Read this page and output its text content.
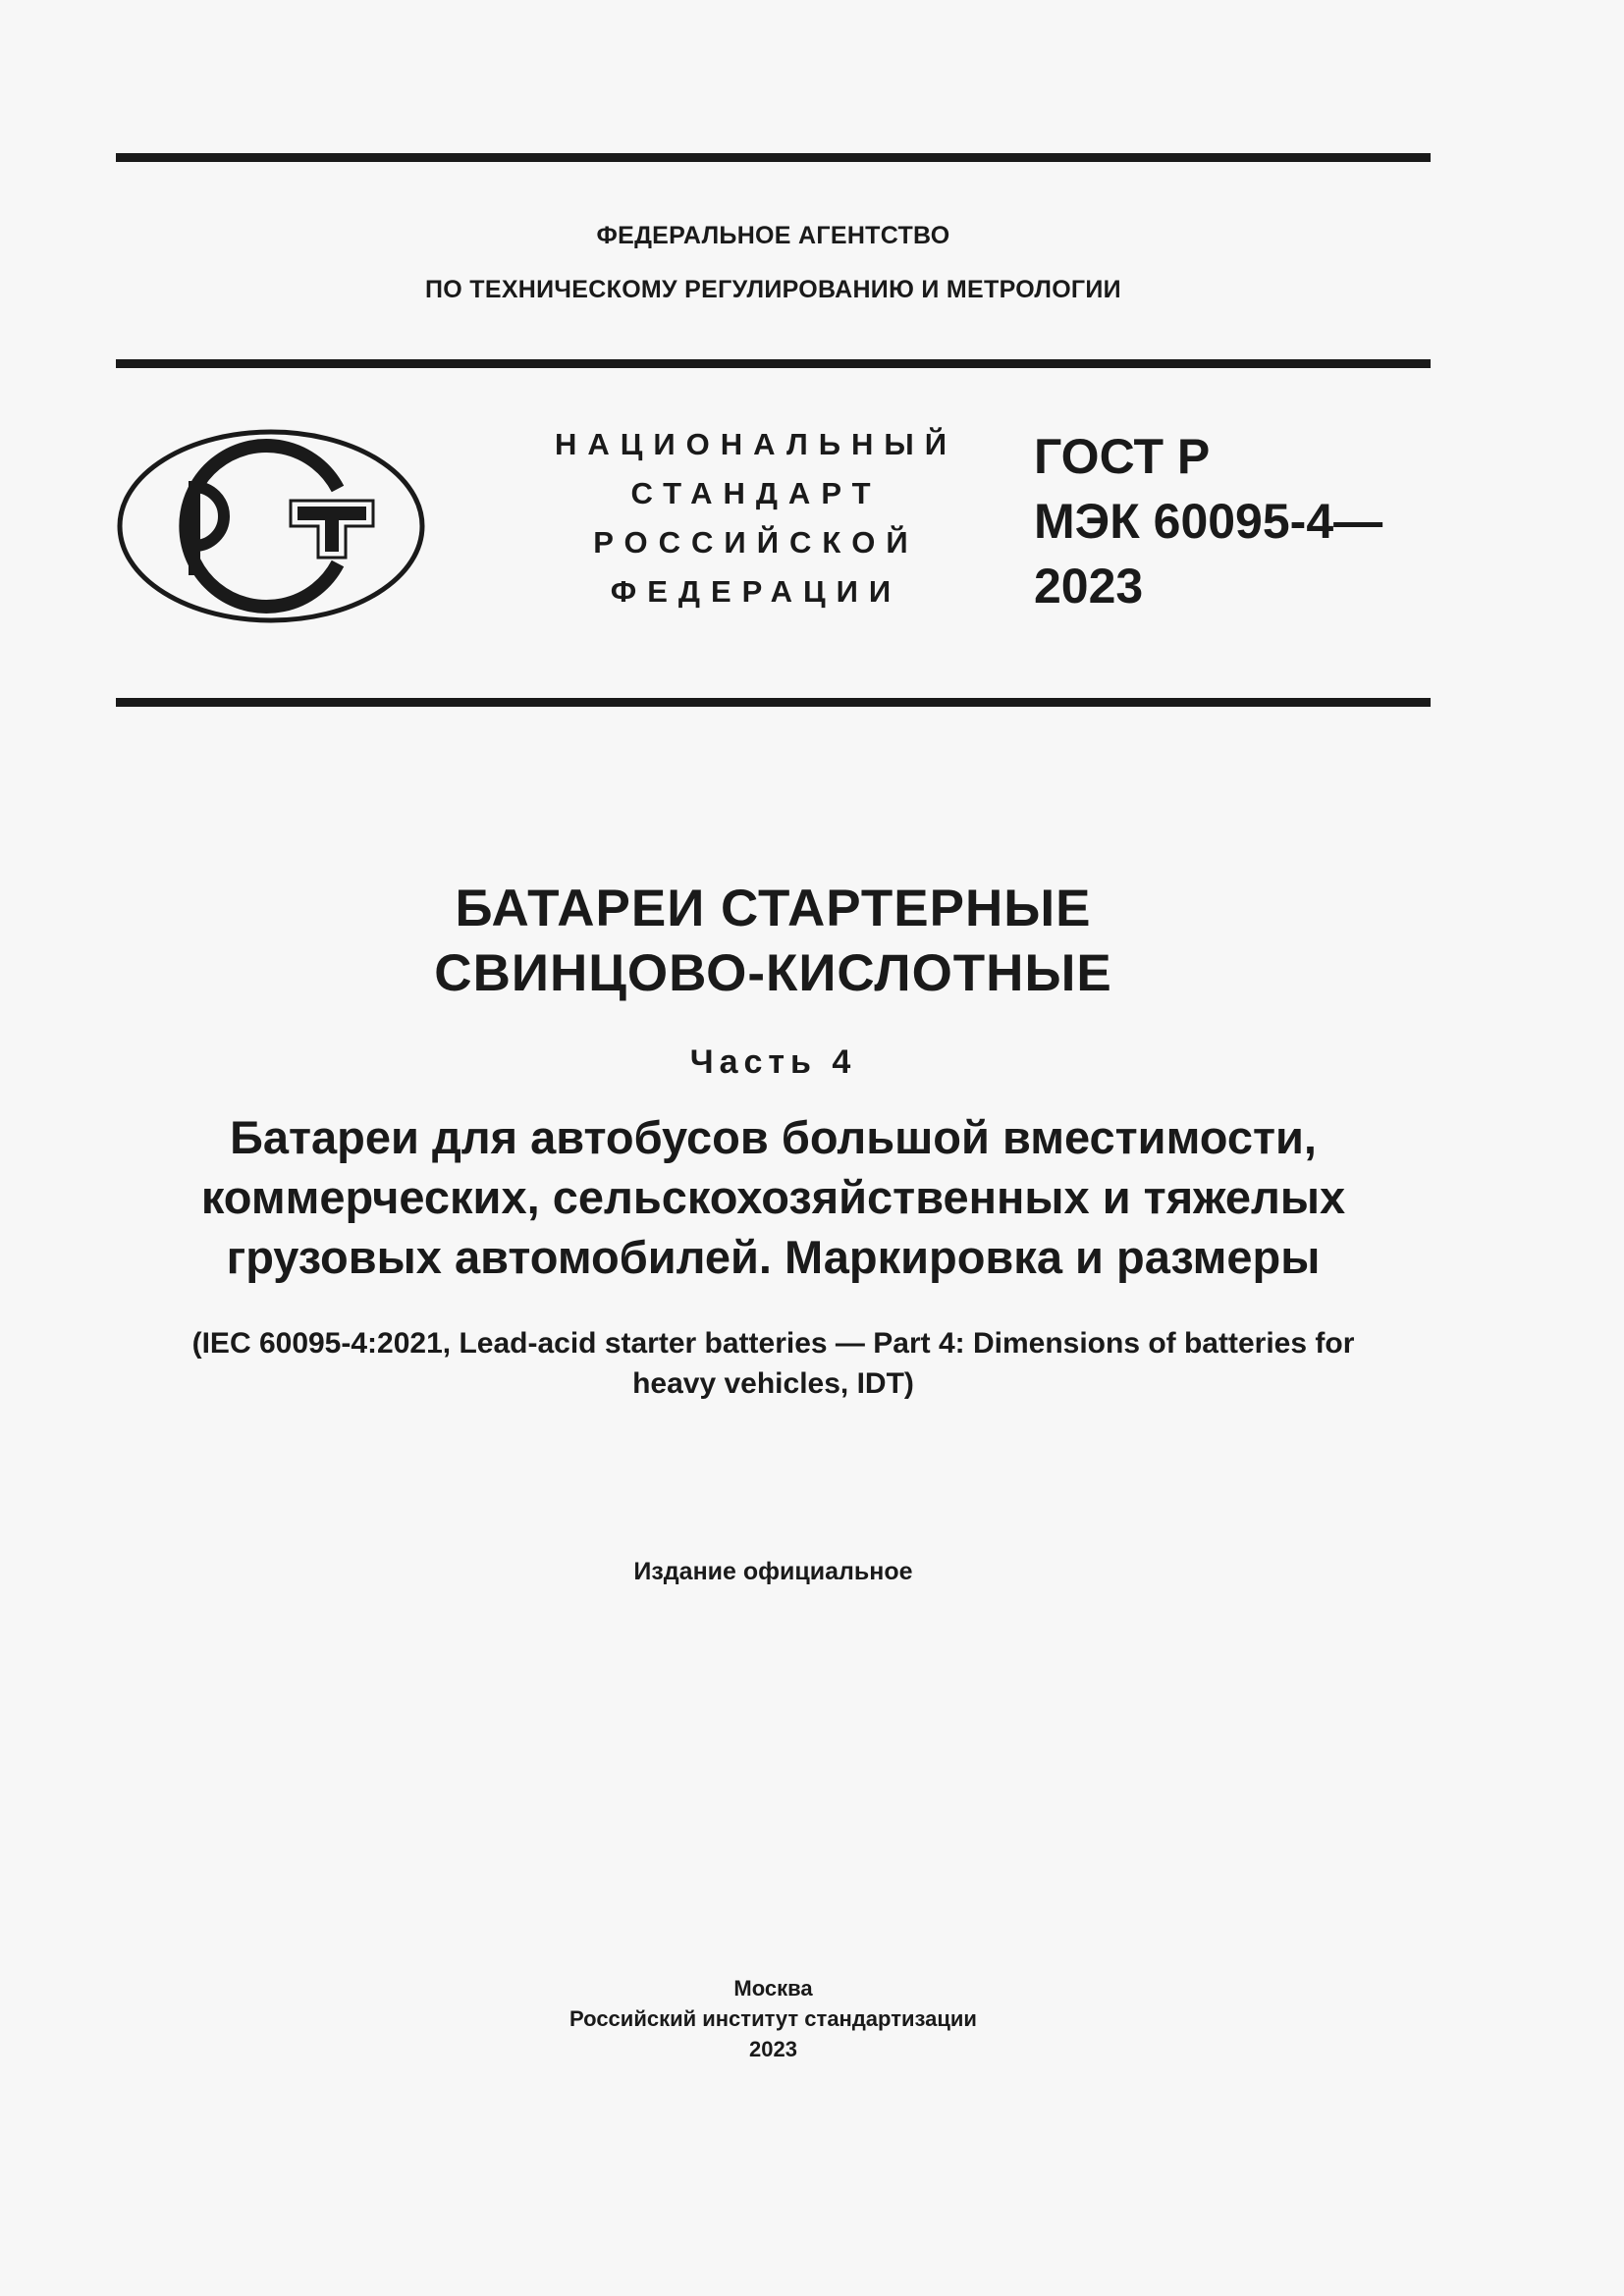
ФЕДЕРАЛЬНОЕ АГЕНТСТВО
ПО ТЕХНИЧЕСКОМУ РЕГУЛИРОВАНИЮ И МЕТРОЛОГИИ
НАЦИОНАЛЬНЫЙ
СТАНДАРТ
РОССИЙСКОЙ
ФЕДЕРАЦИИ
ГОСТ Р
МЭК 60095-4—
2023
БАТАРЕИ СТАРТЕРНЫЕ
СВИНЦОВО-КИСЛОТНЫЕ
Часть 4
Батареи для автобусов большой вместимости,
коммерческих, сельскохозяйственных и тяжелых
грузовых автомобилей. Маркировка и размеры
(IEC 60095-4:2021, Lead-acid starter batteries — Part 4: Dimensions of batteries for
heavy vehicles, IDT)
Издание официальное
Москва
Российский институт стандартизации
2023
